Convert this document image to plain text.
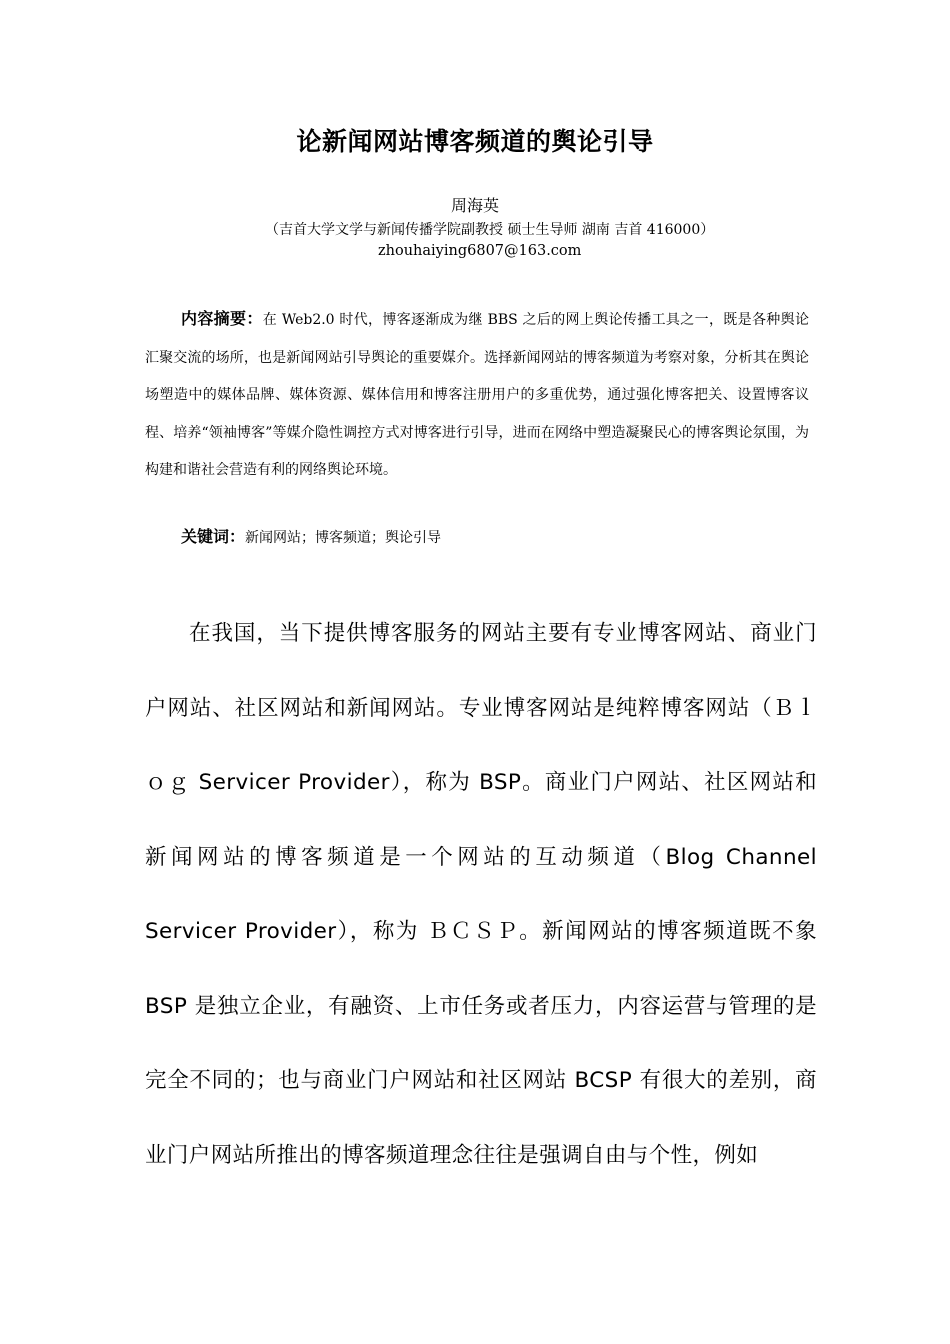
论新闻网站博客频道的舆论引导
周海英
（吉首大学文学与新闻传播学院副教授 硕士生导师 湖南 吉首 416000）
zhouhaiying6807@163.com

内容摘要：在 Web2.0 时代，博客逐渐成为继 BBS 之后的网上舆论传播工具之一，既是各种舆论汇聚交流的场所，也是新闻网站引导舆论的重要媒介。选择新闻网站的博客频道为考察对象，分析其在舆论场塑造中的媒体品牌、媒体资源、媒体信用和博客注册用户的多重优势，通过强化博客把关、设置博客议程、培养“领袖博客”等媒介隐性调控方式对博客进行引导，进而在网络中塑造凝聚民心的博客舆论氛围，为构建和谐社会营造有利的网络舆论环境。

关键词：新闻网站；博客频道；舆论引导

在我国，当下提供博客服务的网站主要有专业博客网站、商业门户网站、社区网站和新闻网站。专业博客网站是纯粹博客网站（Ｂｌｏｇ Servicer Provider），称为 BSP。商业门户网站、社区网站和新闻网站的博客频道是一个网站的互动频道（Blog Channel Servicer Provider），称为 ＢＣＳＰ。新闻网站的博客频道既不象 BSP 是独立企业，有融资、上市任务或者压力，内容运营与管理的是完全不同的；也与商业门户网站和社区网站 BCSP 有很大的差别，商业门户网站所推出的博客频道理念往往是强调自由与个性，例如
